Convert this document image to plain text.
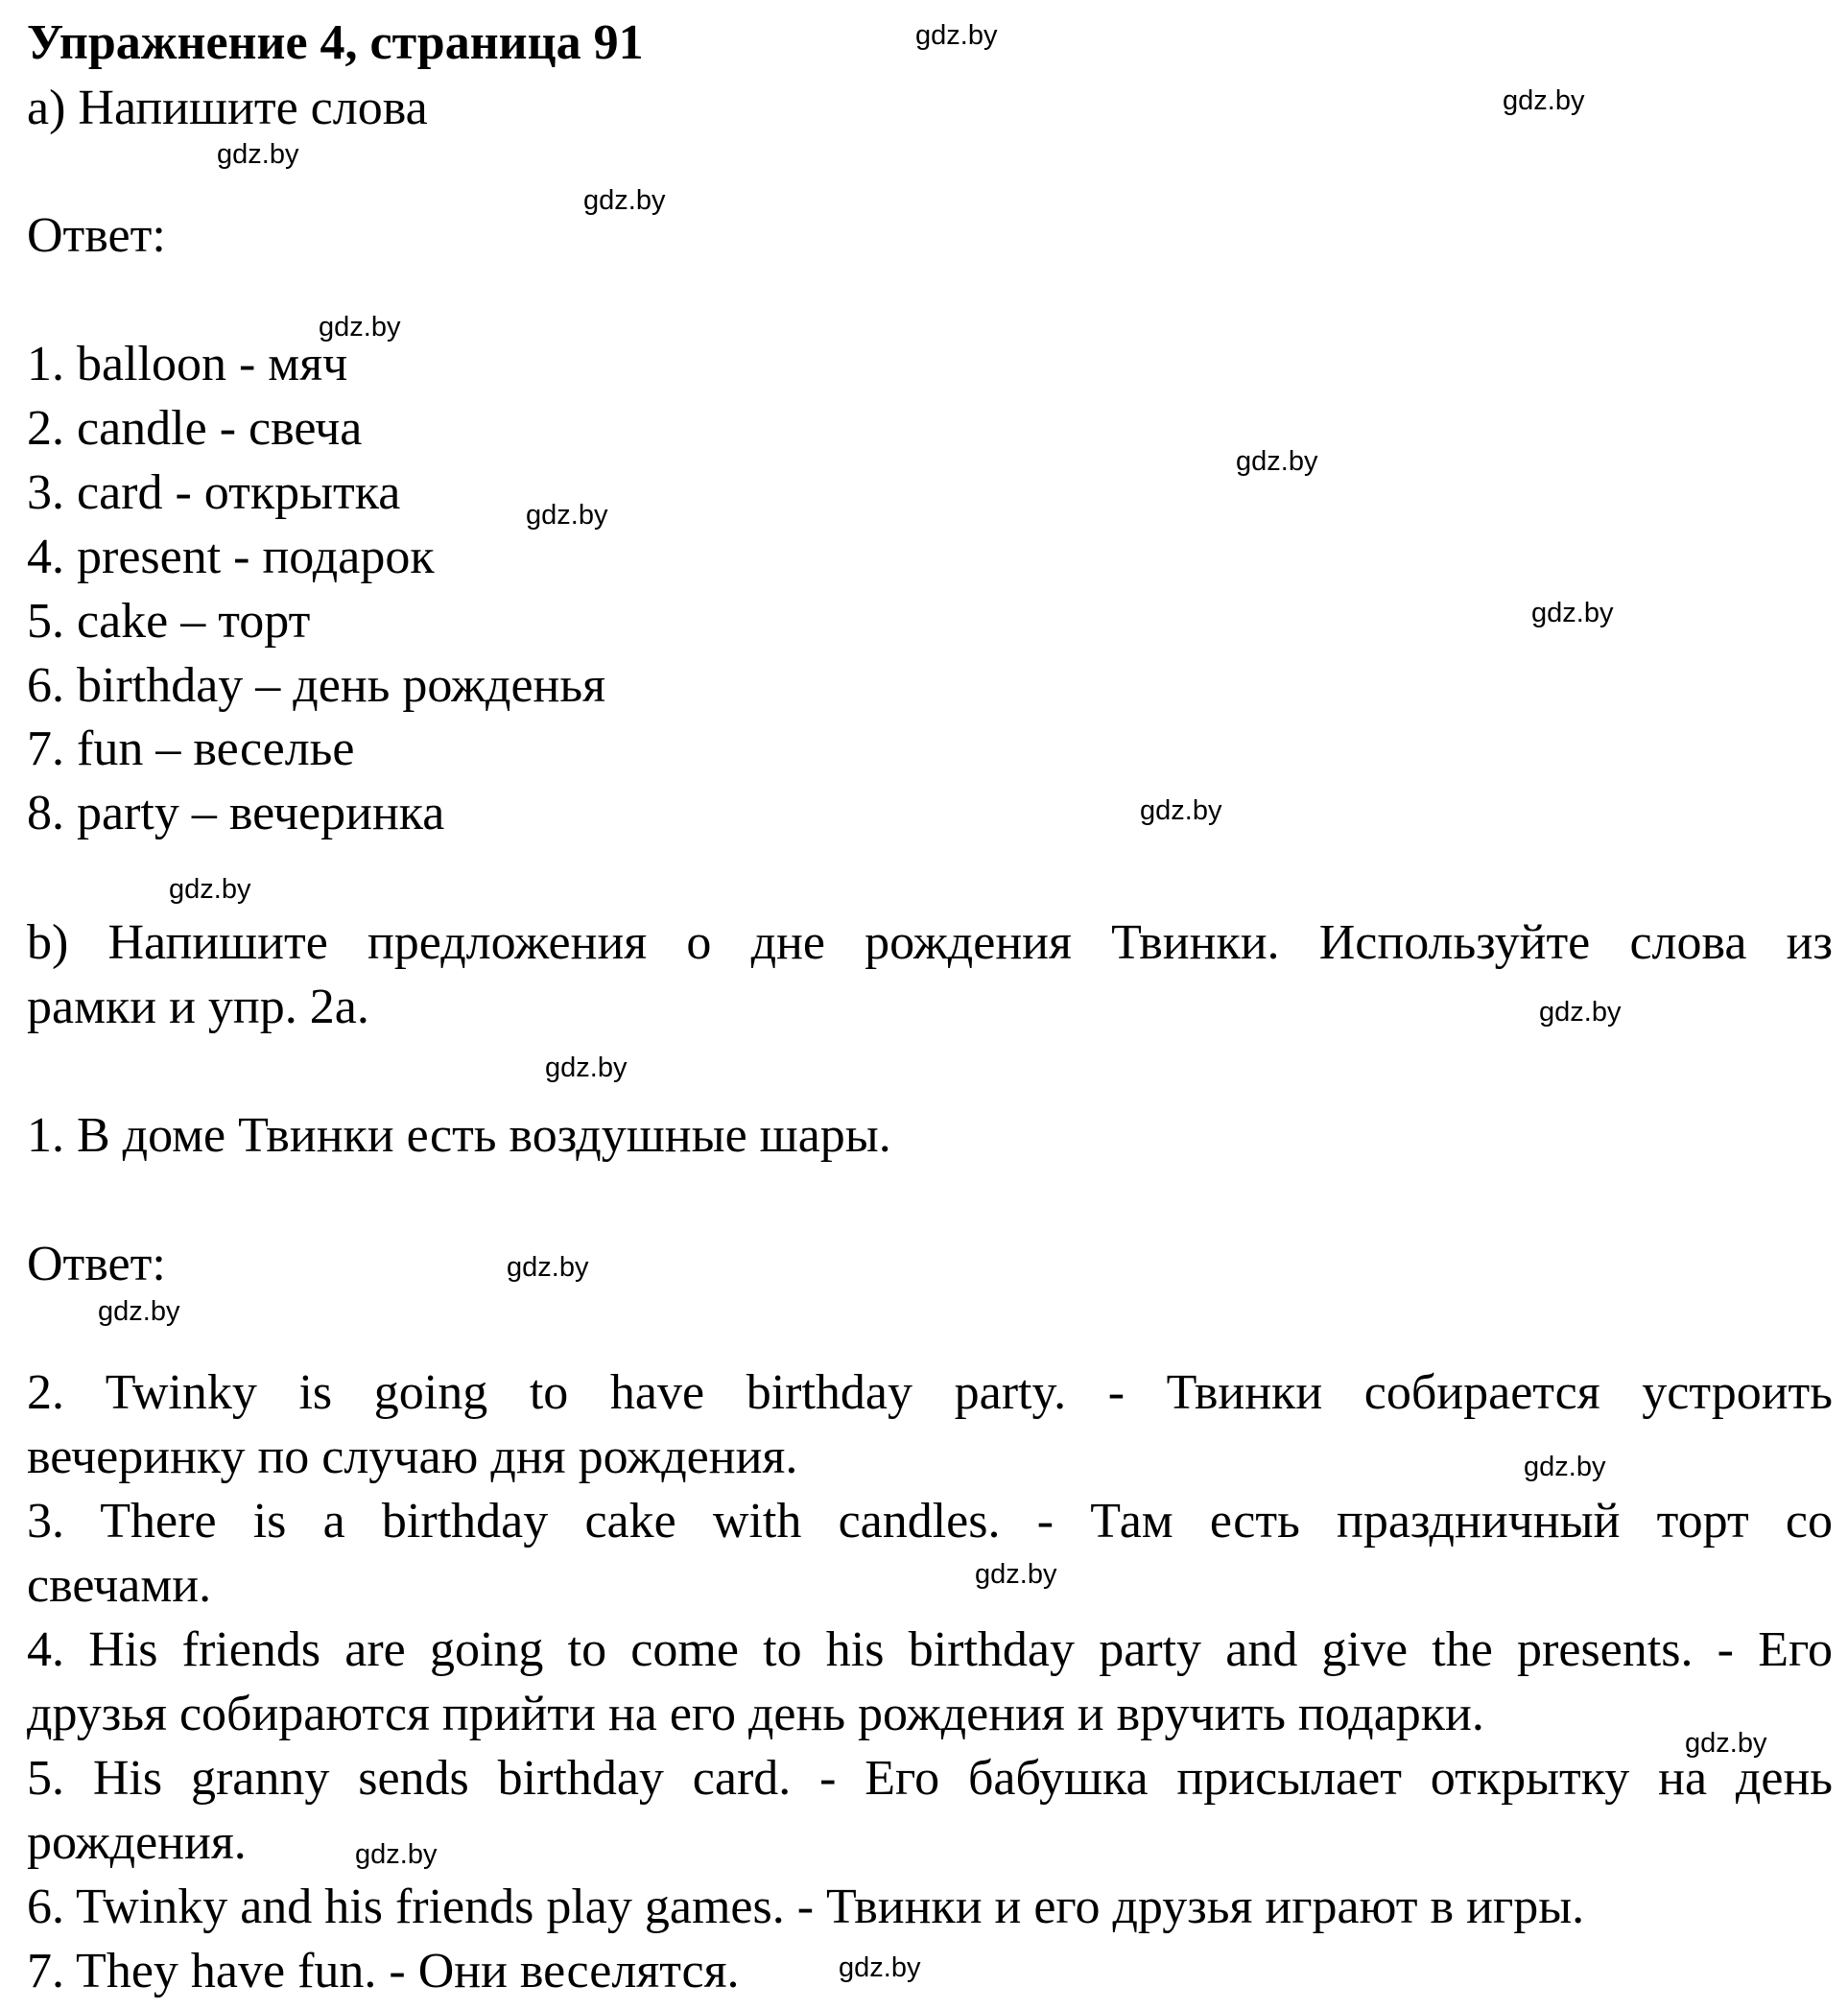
Упражнение 4, страница 91
a) Напишите слова
Ответ:
1. balloon - мяч
2. candle - свеча
3. card - открытка
4. present - подарок
5. cake – торт
6. birthday – день рожденья
7. fun – веселье
8. party – вечеринка
b) Напишите предложения о дне рождения Твинки. Используйте слова из
рамки и упр. 2a.
1. В доме Твинки есть воздушные шары.
Ответ:
2. Twinky is going to have birthday party. - Твинки собирается устроить
вечеринку по случаю дня рождения.
3. There is a birthday cake with candles. - Там есть праздничный торт со
свечами.
4. His friends are going to come to his birthday party and give the presents. - Его
друзья собираются прийти на его день рождения и вручить подарки.
5. His granny sends birthday card. - Его бабушка присылает открытку на день
рождения.
6. Twinky and his friends play games. - Твинки и его друзья играют в игры.
7. They have fun. - Они веселятся.
gdz.by
gdz.by
gdz.by
gdz.by
gdz.by
gdz.by
gdz.by
gdz.by
gdz.by
gdz.by
gdz.by
gdz.by
gdz.by
gdz.by
gdz.by
gdz.by
gdz.by
gdz.by
gdz.by
